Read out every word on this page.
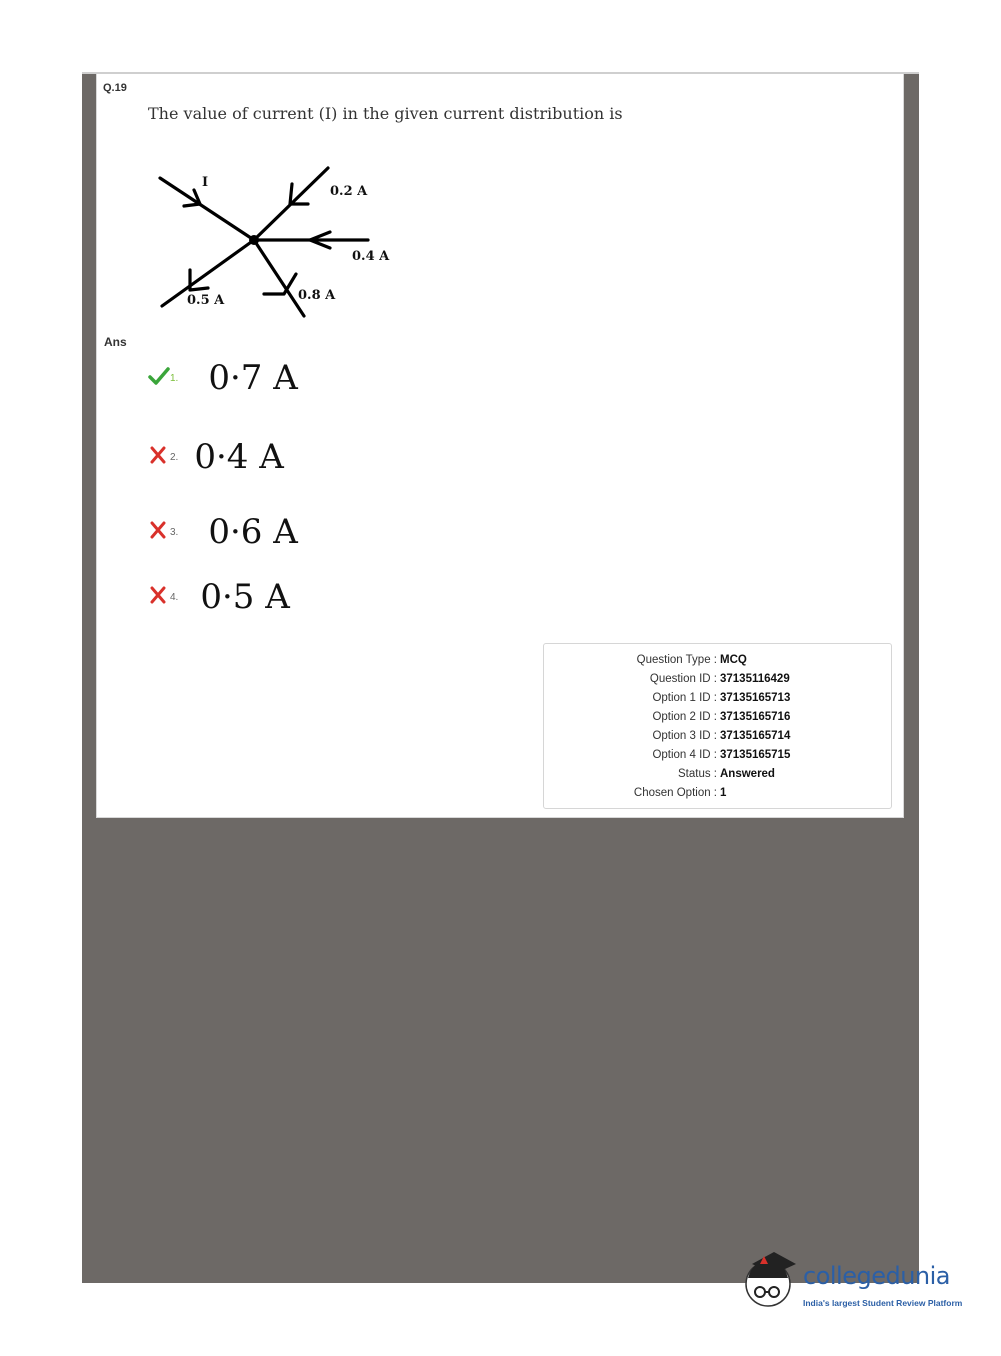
Q.19
The value of current (I) in the given current distribution is
I
0.2 A
0.4 A
0.5 A	0.8 A
Ans
1. 0·7 A
2. 0·4 A
3. 0·6 A
4. 0·5 A
Question Type : MCQ
Question ID : 37135116429
Option 1 ID : 37135165713
Option 2 ID : 37135165716
Option 3 ID : 37135165714
Option 4 ID : 37135165715
Status : Answered
Chosen Option : 1
collegedunia
India's largest Student Review Platform
